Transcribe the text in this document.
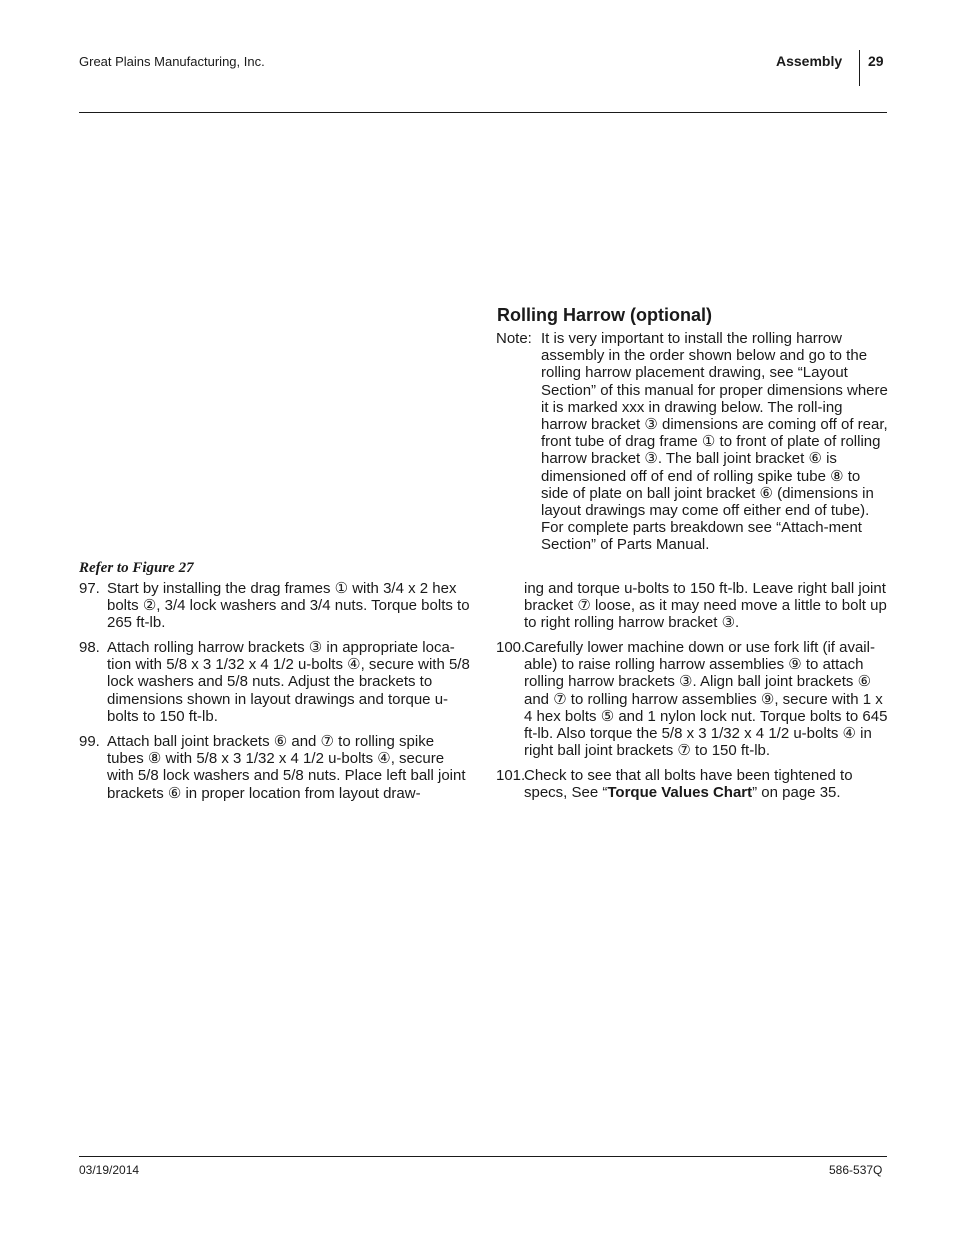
Great Plains Manufacturing, Inc.	Assembly 29
Rolling Harrow (optional)
Note: It is very important to install the rolling harrow assembly in the order shown below and go to the rolling harrow placement drawing, see “Layout Section” of this manual for proper dimensions where it is marked xxx in drawing below. The roll-ing harrow bracket ③ dimensions are coming off of rear, front tube of drag frame ① to front of plate of rolling harrow bracket ③. The ball joint bracket ⑥ is dimensioned off of end of rolling spike tube ⑧ to side of plate on ball joint bracket ⑥ (dimensions in layout drawings may come off either end of tube). For complete parts breakdown see “Attach-ment Section” of Parts Manual.
Refer to Figure 27
97. Start by installing the drag frames ① with 3/4 x 2 hex bolts ②, 3/4 lock washers and 3/4 nuts. Torque bolts to 265 ft-lb.
98. Attach rolling harrow brackets ③ in appropriate loca-tion with 5/8 x 3 1/32 x 4 1/2 u-bolts ④, secure with 5/8 lock washers and 5/8 nuts. Adjust the brackets to dimensions shown in layout drawings and torque u-bolts to 150 ft-lb.
99. Attach ball joint brackets ⑥ and ⑦ to rolling spike tubes ⑧ with 5/8 x 3 1/32 x 4 1/2 u-bolts ④, secure with 5/8 lock washers and 5/8 nuts. Place left ball joint brackets ⑥ in proper location from layout draw-
ing and torque u-bolts to 150 ft-lb. Leave right ball joint bracket ⑦ loose, as it may need move a little to bolt up to right rolling harrow bracket ③.
100.
Carefully lower machine down or use fork lift (if avail-able) to raise rolling harrow assemblies ⑨ to attach rolling harrow brackets ③. Align ball joint brackets ⑥ and ⑦ to rolling harrow assemblies ⑨, secure with 1 x 4 hex bolts ⑤ and 1 nylon lock nut. Torque bolts to 645 ft-lb. Also torque the 5/8 x 3 1/32 x 4 1/2 u-bolts ④ in right ball joint brackets ⑦ to 150 ft-lb.
101.
Check to see that all bolts have been tightened to specs, See “Torque Values Chart” on page 35.
03/19/2014	586-537Q
